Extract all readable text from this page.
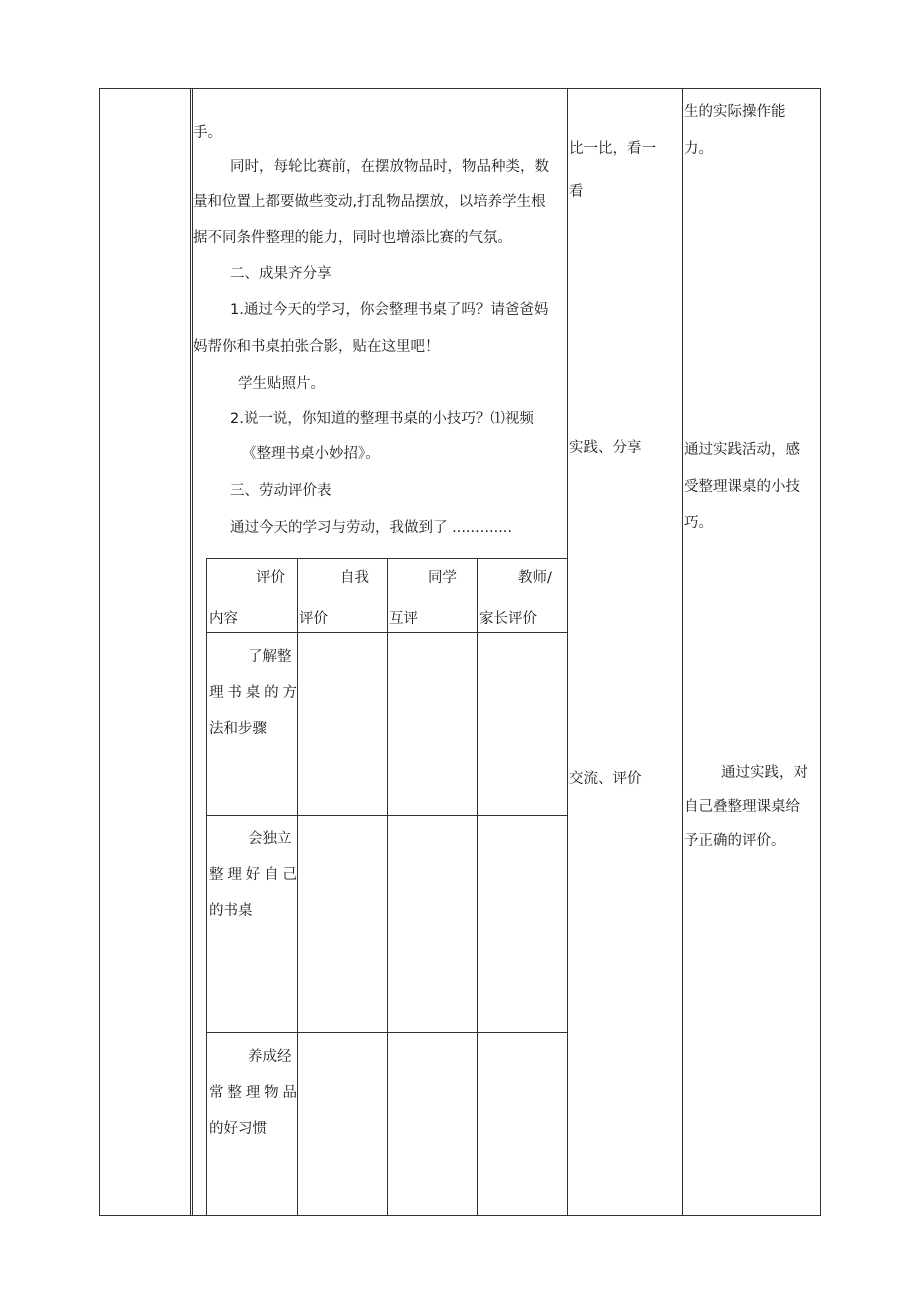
手。
同时，每轮比赛前，在摆放物品时，物品种类，数
量和位置上都要做些变动,打乱物品摆放，以培养学生根
据不同条件整理的能力，同时也增添比赛的气氛。
二、成果齐分享
1.通过今天的学习，你会整理书桌了吗？请爸爸妈
妈帮你和书桌拍张合影，贴在这里吧！
学生贴照片。
2.说一说，你知道的整理书桌的小技巧？⑴视频
《整理书桌小妙招》。
三、劳动评价表
通过今天的学习与劳动，我做到了 .............
评价
内容
自我
评价
同学
互评
教师/
家长评价
了解整
理 书 桌 的 方
法和步骤
会独立
整 理 好 自 己
的书桌
养成经
常 整 理 物 品
的好习惯
比一比，看一
看
实践、分享
交流、评价
生的实际操作能
力。
通过实践活动，感
受整理课桌的小技
巧。
通过实践，对
自己叠整理课桌给
予正确的评价。
